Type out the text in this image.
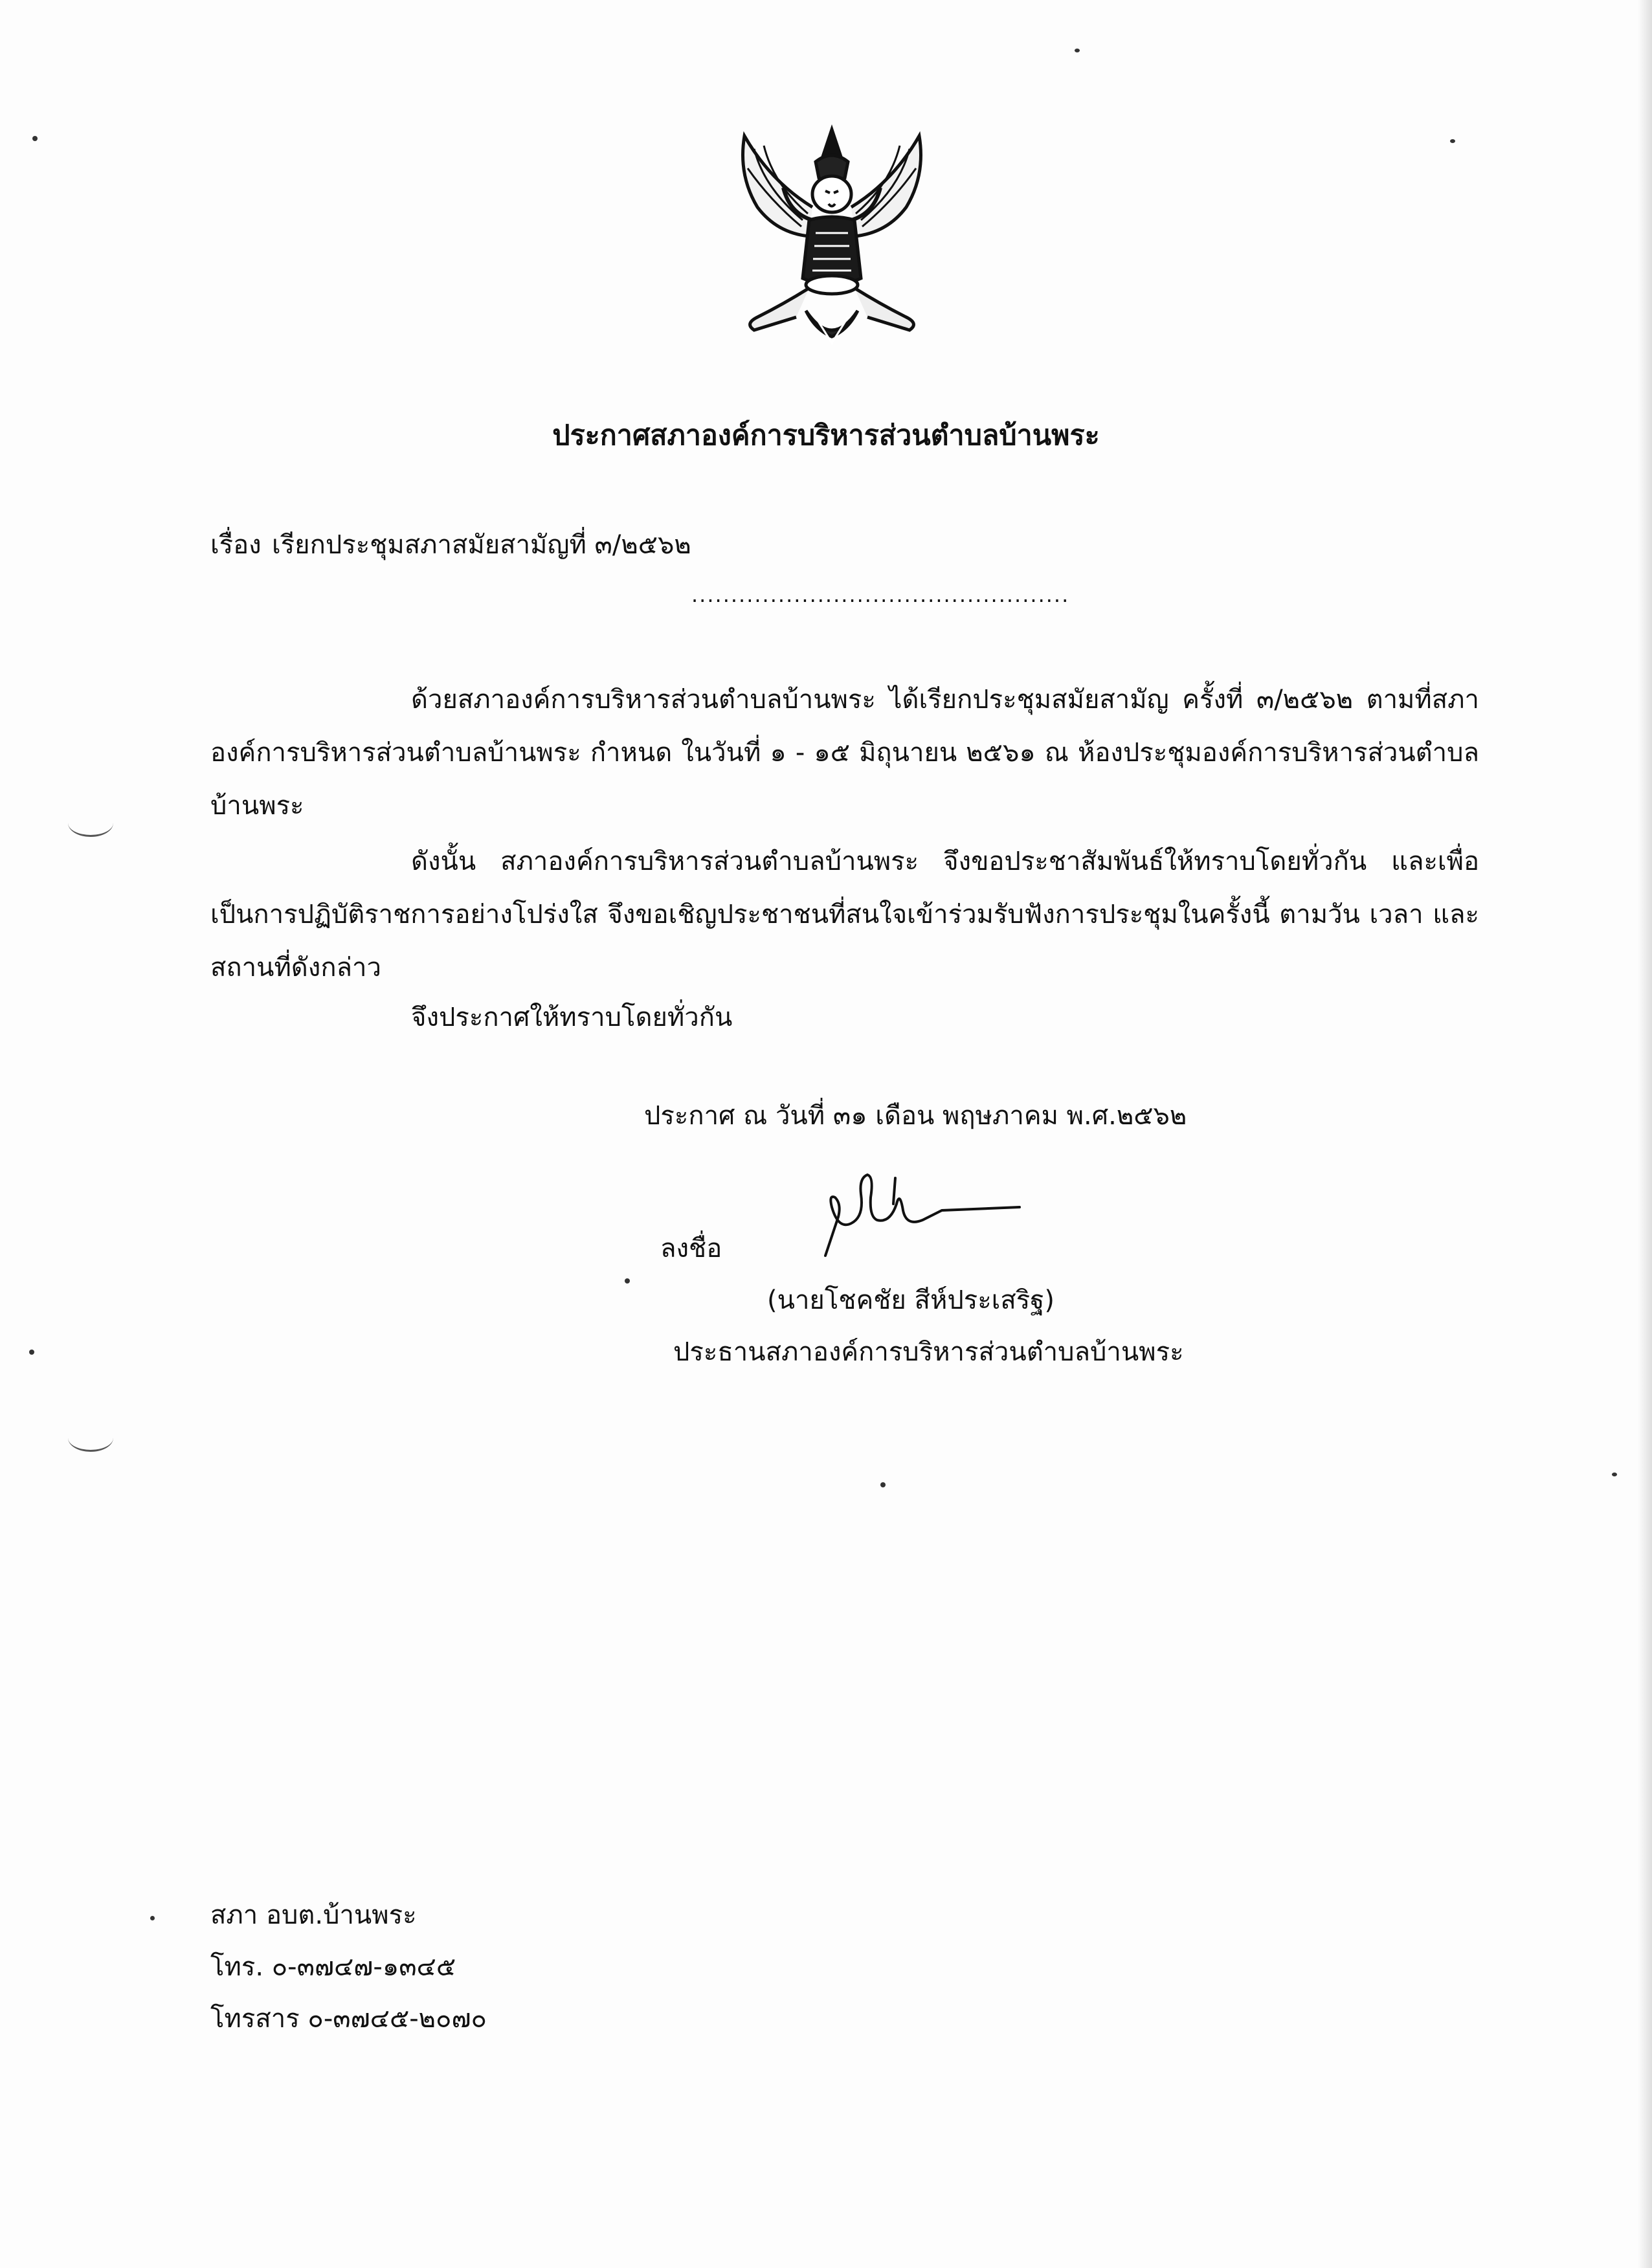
ประกาศสภาองค์การบริหารส่วนตำบลบ้านพระ
เรื่อง เรียกประชุมสภาสมัยสามัญที่ ๓/๒๕๖๒
................................................
ด้วยสภาองค์การบริหารส่วนตำบลบ้านพระ ได้เรียกประชุมสมัยสามัญ ครั้งที่ ๓/๒๕๖๒ ตามที่สภาองค์การบริหารส่วนตำบลบ้านพระ กำหนด ในวันที่ ๑ - ๑๕ มิถุนายน ๒๕๖๑ ณ ห้องประชุมองค์การบริหารส่วนตำบลบ้านพระ
ดังนั้น สภาองค์การบริหารส่วนตำบลบ้านพระ จึงขอประชาสัมพันธ์ให้ทราบโดยทั่วกัน และเพื่อเป็นการปฏิบัติราชการอย่างโปร่งใส จึงขอเชิญประชาชนที่สนใจเข้าร่วมรับฟังการประชุมในครั้งนี้ ตามวัน เวลา และสถานที่ดังกล่าว
จึงประกาศให้ทราบโดยทั่วกัน
ประกาศ ณ วันที่ ๓๑ เดือน พฤษภาคม พ.ศ.๒๕๖๒
ลงชื่อ
(นายโชคชัย สีห์ประเสริฐ)
ประธานสภาองค์การบริหารส่วนตำบลบ้านพระ
สภา อบต.บ้านพระ
โทร. ๐-๓๗๔๗-๑๓๔๕
โทรสาร ๐-๓๗๔๕-๒๐๗๐
